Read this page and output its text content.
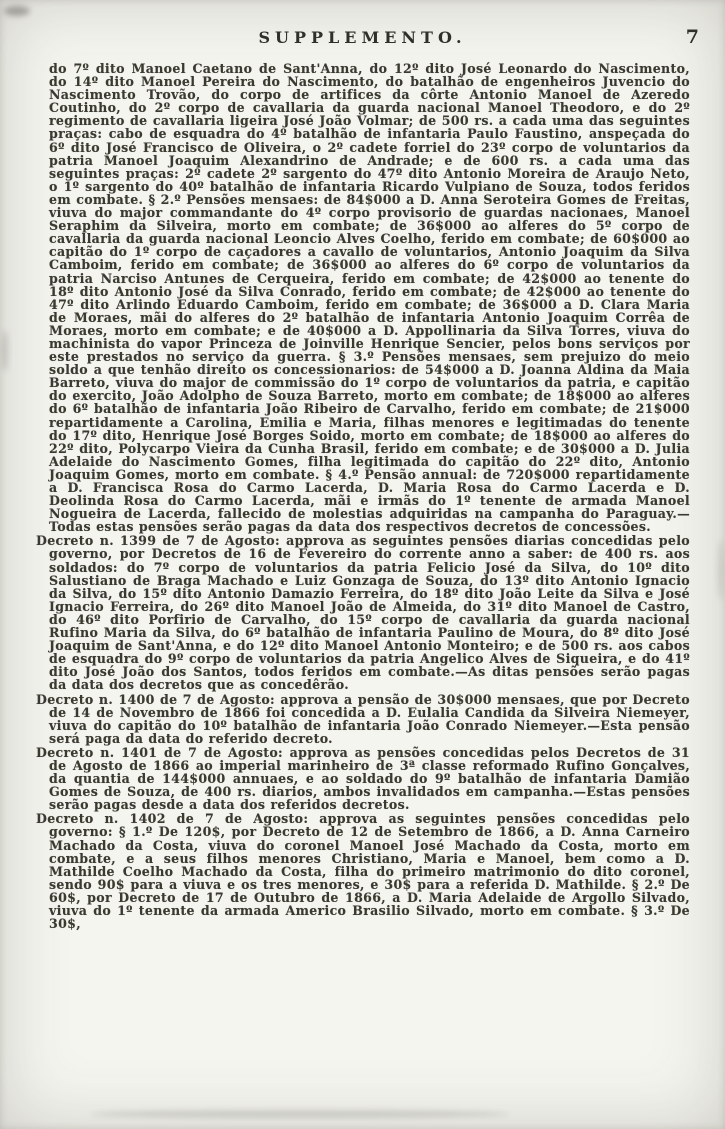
SUPPLEMENTO.	7

do 7º dito Manoel Caetano de Sant'Anna, do 12º dito José Leonardo do Nascimento, do 14º dito Manoel Pereira do Nascimento, do batalhão de engenheiros Juvencio do Nascimento Trovão, do corpo de artifices da côrte Antonio Manoel de Azeredo Coutinho, do 2º corpo de cavallaria da guarda nacional Manoel Theodoro, e do 2º regimento de cavallaria ligeira José João Volmar; de 500 rs. a cada uma das seguintes praças: cabo de esquadra do 4º batalhão de infantaria Paulo Faustino, anspeçada do 6º dito José Francisco de Oliveira, o 2º cadete forriel do 23º corpo de voluntarios da patria Manoel Joaquim Alexandrino de Andrade; e de 600 rs. a cada uma das seguintes praças: 2º cadete 2º sargento do 47º dito Antonio Moreira de Araujo Neto, o 1º sargento do 40º batalhão de infantaria Ricardo Vulpiano de Souza, todos feridos em combate. § 2.º Pensões mensaes: de 84$000 a D. Anna Seroteira Gomes de Freitas, viuva do major commandante do 4º corpo provisorio de guardas nacionaes, Manoel Seraphim da Silveira, morto em combate; de 36$000 ao alferes do 5º corpo de cavallaria da guarda nacional Leoncio Alves Coelho, ferido em combate; de 60$000 ao capitão do 1º corpo de caçadores a cavallo de voluntarios, Antonio Joaquim da Silva Camboim, ferido em combate; de 36$000 ao alferes do 6º corpo de voluntarios da patria Narciso Antunes de Cerqueira, ferido em combate; de 42$000 ao tenente do 18º dito Antonio José da Silva Conrado, ferido em combate; de 42$000 ao tenente do 47º dito Arlindo Eduardo Camboim, ferido em combate; de 36$000 a D. Clara Maria de Moraes, mãi do alferes do 2º batalhão de infantaria Antonio Joaquim Corrêa de Moraes, morto em combate; e de 40$000 a D. Appollinaria da Silva Torres, viuva do machinista do vapor Princeza de Joinville Henrique Sencier, pelos bons serviços por este prestados no serviço da guerra. § 3.º Pensões mensaes, sem prejuizo do meio soldo a que tenhão direito os concessionarios: de 54$000 a D. Joanna Aldina da Maia Barreto, viuva do major de commissão do 1º corpo de voluntarios da patria, e capitão do exercito, João Adolpho de Souza Barreto, morto em combate; de 18$000 ao alferes do 6º batalhão de infantaria João Ribeiro de Carvalho, ferido em combate; de 21$000 repartidamente a Carolina, Emilia e Maria, filhas menores e legitimadas do tenente do 17º dito, Henrique José Borges Soido, morto em combate; de 18$000 ao alferes do 22º dito, Polycarpo Vieira da Cunha Brasil, ferido em combate; e de 30$000 a D. Julia Adelaide do Nascimento Gomes, filha legitimada do capitão do 22º dito, Antonio Joaquim Gomes, morto em combate. § 4.º Pensão annual: de 720$000 repartidamente a D. Francisca Rosa do Carmo Lacerda, D. Maria Rosa do Carmo Lacerda e D. Deolinda Rosa do Carmo Lacerda, mãi e irmãs do 1º tenente de armada Manoel Nogueira de Lacerda, fallecido de molestias adquiridas na campanha do Paraguay.—Todas estas pensões serão pagas da data dos respectivos decretos de concessões.

Decreto n. 1399 de 7 de Agosto: approva as seguintes pensões diarias concedidas pelo governo, por Decretos de 16 de Fevereiro do corrente anno a saber: de 400 rs. aos soldados: do 7º corpo de voluntarios da patria Felicio José da Silva, do 10º dito Salustiano de Braga Machado e Luiz Gonzaga de Souza, do 13º dito Antonio Ignacio da Silva, do 15º dito Antonio Damazio Ferreira, do 18º dito João Leite da Silva e José Ignacio Ferreira, do 26º dito Manoel João de Almeida, do 31º dito Manoel de Castro, do 46º dito Porfirio de Carvalho, do 15º corpo de cavallaria da guarda nacional Rufino Maria da Silva, do 6º batalhão de infantaria Paulino de Moura, do 8º dito José Joaquim de Sant'Anna, e do 12º dito Manoel Antonio Monteiro; e de 500 rs. aos cabos de esquadra do 9º corpo de voluntarios da patria Angelico Alves de Siqueira, e do 41º dito José João dos Santos, todos feridos em combate.—As ditas pensões serão pagas da data dos decretos que as concedêrão.

Decreto n. 1400 de 7 de Agosto: approva a pensão de 30$000 mensaes, que por Decreto de 14 de Novembro de 1866 foi concedida a D. Eulalia Candida da Silveira Niemeyer, viuva do capitão do 10º batalhão de infantaria João Conrado Niemeyer.—Esta pensão será paga da data do referido decreto.

Decreto n. 1401 de 7 de Agosto: approva as pensões concedidas pelos Decretos de 31 de Agosto de 1866 ao imperial marinheiro de 3ª classe reformado Rufino Gonçalves, da quantia de 144$000 annuaes, e ao soldado do 9º batalhão de infantaria Damião Gomes de Souza, de 400 rs. diarios, ambos invalidados em campanha.—Estas pensões serão pagas desde a data dos referidos decretos.

Decreto n. 1402 de 7 de Agosto: approva as seguintes pensões concedidas pelo governo: § 1.º De 120$, por Decreto de 12 de Setembro de 1866, a D. Anna Carneiro Machado da Costa, viuva do coronel Manoel José Machado da Costa, morto em combate, e a seus filhos menores Christiano, Maria e Manoel, bem como a D. Mathilde Coelho Machado da Costa, filha do primeiro matrimonio do dito coronel, sendo 90$ para a viuva e os tres menores, e 30$ para a referida D. Mathilde. § 2.º De 60$, por Decreto de 17 de Outubro de 1866, a D. Maria Adelaide de Argollo Silvado, viuva do 1º tenente da armada Americo Brasilio Silvado, morto em combate. § 3.º De 30$,
